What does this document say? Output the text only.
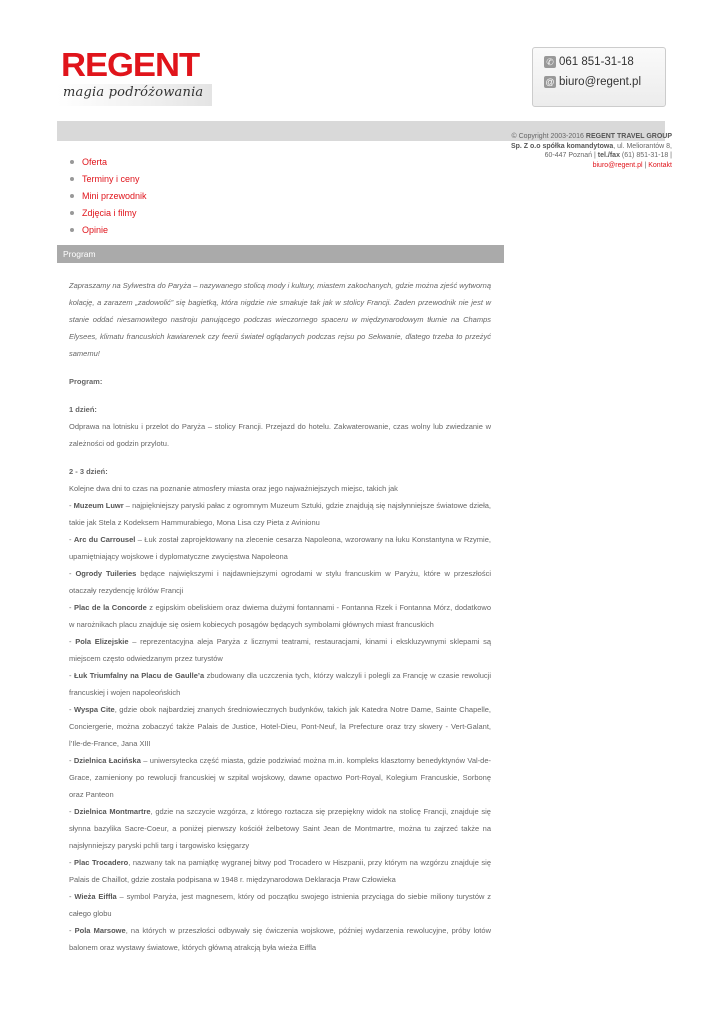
REGENT
magia podróżowania
✆ 061 851-31-18
@ biuro@regent.pl
© Copyright 2003-2016 REGENT TRAVEL GROUP
Sp. Z o.o spółka komandytowa, ul. Meliorantów 8,
60-447 Poznań | tel./fax (61) 851-31-18 |
biuro@regent.pl | Kontakt
Oferta
Terminy i ceny
Mini przewodnik
Zdjęcia i filmy
Opinie
Program

Zapraszamy na Sylwestra do Paryża – nazywanego stolicą mody i kultury, miastem zakochanych, gdzie można zjeść wytworną kolację, a zarazem „zadowolić” się bagietką, która nigdzie nie smakuje tak jak w stolicy Francji. Żaden przewodnik nie jest w stanie oddać niesamowitego nastroju panującego podczas wieczornego spaceru w międzynarodowym tłumie na Champs Elysees, klimatu francuskich kawiarenek czy feerii świateł oglądanych podczas rejsu po Sekwanie, dlatego trzeba to przeżyć samemu!

Program:

1 dzień:

Odprawa na lotnisku i przelot do Paryża – stolicy Francji. Przejazd do hotelu. Zakwaterowanie, czas wolny lub zwiedzanie w zależności od godzin przylotu.

2 - 3 dzień:

Kolejne dwa dni to czas na poznanie atmosfery miasta oraz jego najważniejszych miejsc, takich jak

- Muzeum Luwr – najpiękniejszy paryski pałac z ogromnym Muzeum Sztuki, gdzie znajdują się najsłynniejsze światowe dzieła, takie jak Stela z Kodeksem Hammurabiego, Mona Lisa czy Pieta z Avinionu

- Arc du Carrousel – Łuk został zaprojektowany na zlecenie cesarza Napoleona, wzorowany na łuku Konstantyna w Rzymie, upamiętniający wojskowe i dyplomatyczne zwycięstwa Napoleona

- Ogrody Tuileries będące największymi i najdawniejszymi ogrodami w stylu francuskim w Paryżu, które w przeszłości otaczały rezydencję królów Francji

- Plac de la Concorde z egipskim obeliskiem oraz dwiema dużymi fontannami - Fontanna Rzek i Fontanna Mórz, dodatkowo w narożnikach placu znajduje się osiem kobiecych posągów będących symbolami głównych miast francuskich

- Pola Elizejskie – reprezentacyjna aleja Paryża z licznymi teatrami, restauracjami, kinami i ekskluzywnymi sklepami są miejscem często odwiedzanym przez turystów

- Łuk Triumfalny na Placu de Gaulle’a zbudowany dla uczczenia tych, którzy walczyli i polegli za Francję w czasie rewolucji francuskiej i wojen napoleońskich

- Wyspa Cite, gdzie obok najbardziej znanych średniowiecznych budynków, takich jak Katedra Notre Dame, Sainte Chapelle, Conciergerie, można zobaczyć także Palais de Justice, Hotel-Dieu, Pont-Neuf, la Prefecture oraz trzy skwery - Vert-Galant, l’Ile-de-France, Jana XIII

- Dzielnica Łacińska – uniwersytecka część miasta, gdzie podziwiać można m.in. kompleks klasztorny benedyktynów Val-de-Grace, zamieniony po rewolucji francuskiej w szpital wojskowy, dawne opactwo Port-Royal, Kolegium Francuskie, Sorbonę oraz Panteon

- Dzielnica Montmartre, gdzie na szczycie wzgórza, z którego roztacza się przepiękny widok na stolicę Francji, znajduje się słynna bazylika Sacre-Coeur, a poniżej pierwszy kościół żelbetowy Saint Jean de Montmartre, można tu zajrzeć także na najsłynniejszy paryski pchli targ i targowisko księgarzy

- Plac Trocadero, nazwany tak na pamiątkę wygranej bitwy pod Trocadero w Hiszpanii, przy którym na wzgórzu znajduje się Palais de Chaillot, gdzie została podpisana w 1948 r. międzynarodowa Deklaracja Praw Człowieka

- Wieża Eiffla – symbol Paryża, jest magnesem, który od początku swojego istnienia przyciąga do siebie miliony turystów z całego globu

- Pola Marsowe, na których w przeszłości odbywały się ćwiczenia wojskowe, później wydarzenia rewolucyjne, próby lotów balonem oraz wystawy światowe, których główną atrakcją była wieża Eiffla
